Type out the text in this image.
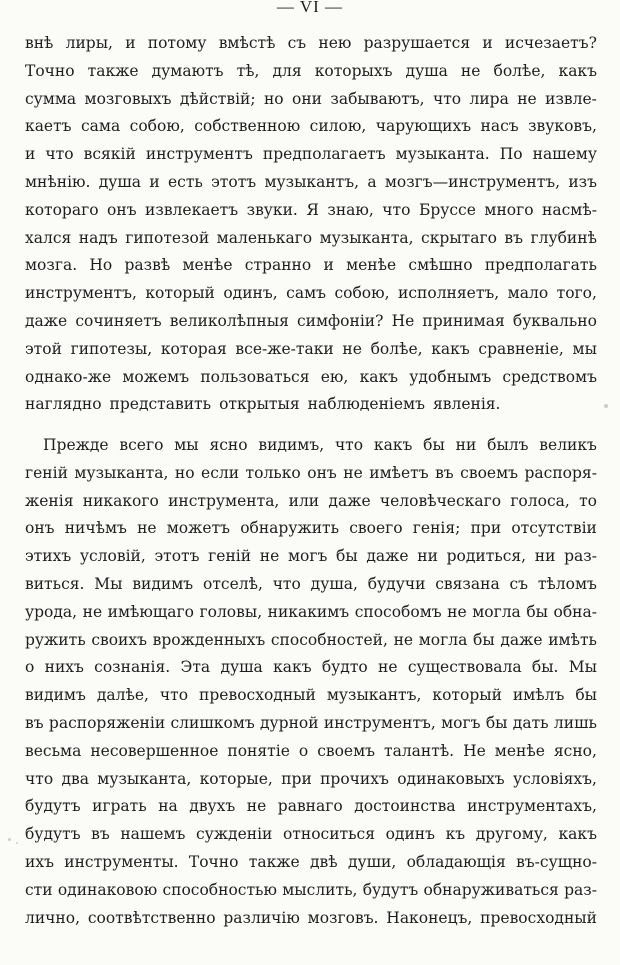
— VI —
внѣ лиры, и потому вмѣстѣ съ нею разрушается и исчезаетъ?
Точно также думаютъ тѣ, для которыхъ душа не болѣе, какъ
сумма мозговыхъ дѣйствій; но они забываютъ, что лира не извле-
каетъ сама собою, собственною силою, чарующихъ насъ звуковъ,
и что всякій инструментъ предполагаетъ музыканта. По нашему
мнѣнію. душа и есть этотъ музыкантъ, а мозгъ—инструментъ, изъ
котораго онъ извлекаетъ звуки. Я знаю, что Бруссе много насмѣ-
хался надъ гипотезой маленькаго музыканта, скрытаго въ глубинѣ
мозга. Но развѣ менѣе странно и менѣе смѣшно предполагать
инструментъ, который одинъ, самъ собою, исполняетъ, мало того,
даже сочиняетъ великолѣпныя симфоніи? Не принимая буквально
этой гипотезы, которая все-же-таки не болѣе, какъ сравненіе, мы
однако-же можемъ пользоваться ею, какъ удобнымъ средствомъ
наглядно представить открытыя наблюденіемъ явленія.
Прежде всего мы ясно видимъ, что какъ бы ни былъ великъ
геній музыканта, но если только онъ не имѣетъ въ своемъ распоря-
женія никакого инструмента, или даже человѣческаго голоса, то
онъ ничѣмъ не можетъ обнаружить своего генія; при отсутствіи
этихъ условій, этотъ геній не могъ бы даже ни родиться, ни раз-
виться. Мы видимъ отселѣ, что душа, будучи связана съ тѣломъ
урода, не имѣющаго головы, никакимъ способомъ не могла бы обна-
ружить своихъ врожденныхъ способностей, не могла бы даже имѣть
о нихъ сознанія. Эта душа какъ будто не существовала бы. Мы
видимъ далѣе, что превосходный музыкантъ, который имѣлъ бы
въ распоряженіи слишкомъ дурной инструментъ, могъ бы дать лишь
весьма несовершенное понятіе о своемъ талантѣ. Не менѣе ясно,
что два музыканта, которые, при прочихъ одинаковыхъ условіяхъ,
будутъ играть на двухъ не равнаго достоинства инструментахъ,
будутъ въ нашемъ сужденіи относиться одинъ къ другому, какъ
ихъ инструменты. Точно также двѣ души, обладающія въ-сущно-
сти одинаковою способностью мыслить, будутъ обнаруживаться раз-
лично, соотвѣтственно различію мозговъ. Наконецъ, превосходный
